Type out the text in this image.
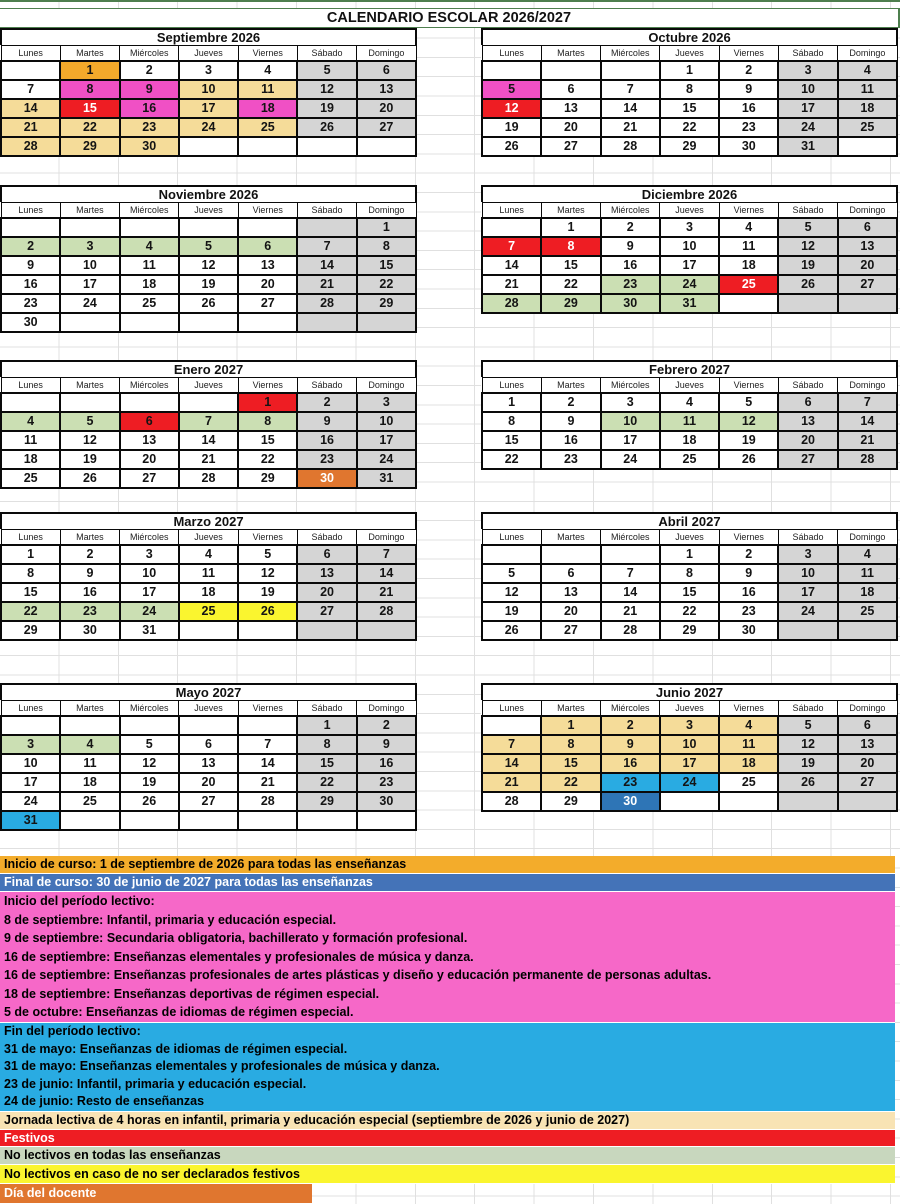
CALENDARIO ESCOLAR 2026/2027
Septiembre 2026
Lunes	Martes	Miércoles	Jueves	Viernes	Sábado	Domingo
	1	2	3	4	5	6
7	8	9	10	11	12	13
14	15	16	17	18	19	20
21	22	23	24	25	26	27
28	29	30				
Octubre 2026
Lunes	Martes	Miércoles	Jueves	Viernes	Sábado	Domingo
			1	2	3	4
5	6	7	8	9	10	11
12	13	14	15	16	17	18
19	20	21	22	23	24	25
26	27	28	29	30	31	
Noviembre 2026
Lunes	Martes	Miércoles	Jueves	Viernes	Sábado	Domingo
						1
2	3	4	5	6	7	8
9	10	11	12	13	14	15
16	17	18	19	20	21	22
23	24	25	26	27	28	29
30						
Diciembre 2026
Lunes	Martes	Miércoles	Jueves	Viernes	Sábado	Domingo
	1	2	3	4	5	6
7	8	9	10	11	12	13
14	15	16	17	18	19	20
21	22	23	24	25	26	27
28	29	30	31			
Enero 2027
Lunes	Martes	Miércoles	Jueves	Viernes	Sábado	Domingo
				1	2	3
4	5	6	7	8	9	10
11	12	13	14	15	16	17
18	19	20	21	22	23	24
25	26	27	28	29	30	31
Febrero 2027
Lunes	Martes	Miércoles	Jueves	Viernes	Sábado	Domingo
1	2	3	4	5	6	7
8	9	10	11	12	13	14
15	16	17	18	19	20	21
22	23	24	25	26	27	28
Marzo 2027
Lunes	Martes	Miércoles	Jueves	Viernes	Sábado	Domingo
1	2	3	4	5	6	7
8	9	10	11	12	13	14
15	16	17	18	19	20	21
22	23	24	25	26	27	28
29	30	31				
Abril 2027
Lunes	Martes	Miércoles	Jueves	Viernes	Sábado	Domingo
			1	2	3	4
5	6	7	8	9	10	11
12	13	14	15	16	17	18
19	20	21	22	23	24	25
26	27	28	29	30		
Mayo 2027
Lunes	Martes	Miércoles	Jueves	Viernes	Sábado	Domingo
					1	2
3	4	5	6	7	8	9
10	11	12	13	14	15	16
17	18	19	20	21	22	23
24	25	26	27	28	29	30
31						
Junio 2027
Lunes	Martes	Miércoles	Jueves	Viernes	Sábado	Domingo
	1	2	3	4	5	6
7	8	9	10	11	12	13
14	15	16	17	18	19	20
21	22	23	24	25	26	27
28	29	30				
Inicio de curso: 1 de septiembre de 2026 para todas las enseñanzas
Final de curso: 30 de junio de 2027 para todas las enseñanzas
Inicio del período lectivo:
8 de septiembre: Infantil, primaria y educación especial.
9 de septiembre: Secundaria obligatoria, bachillerato y formación profesional.
16 de septiembre: Enseñanzas elementales y profesionales de música y danza.
16 de septiembre: Enseñanzas profesionales de artes plásticas y diseño y educación permanente de personas adultas.
18 de septiembre: Enseñanzas deportivas de régimen especial.
5 de octubre: Enseñanzas de idiomas de régimen especial.
Fin del período lectivo:
31 de mayo: Enseñanzas de idiomas de régimen especial.
31 de mayo: Enseñanzas elementales y profesionales de música y danza.
23 de junio: Infantil, primaria y educación especial.
24 de junio: Resto de enseñanzas
Jornada lectiva de 4 horas en infantil, primaria y educación especial (septiembre de 2026 y junio de 2027)
Festivos
No lectivos en todas las enseñanzas
No lectivos en caso de no ser declarados festivos
Día del docente
